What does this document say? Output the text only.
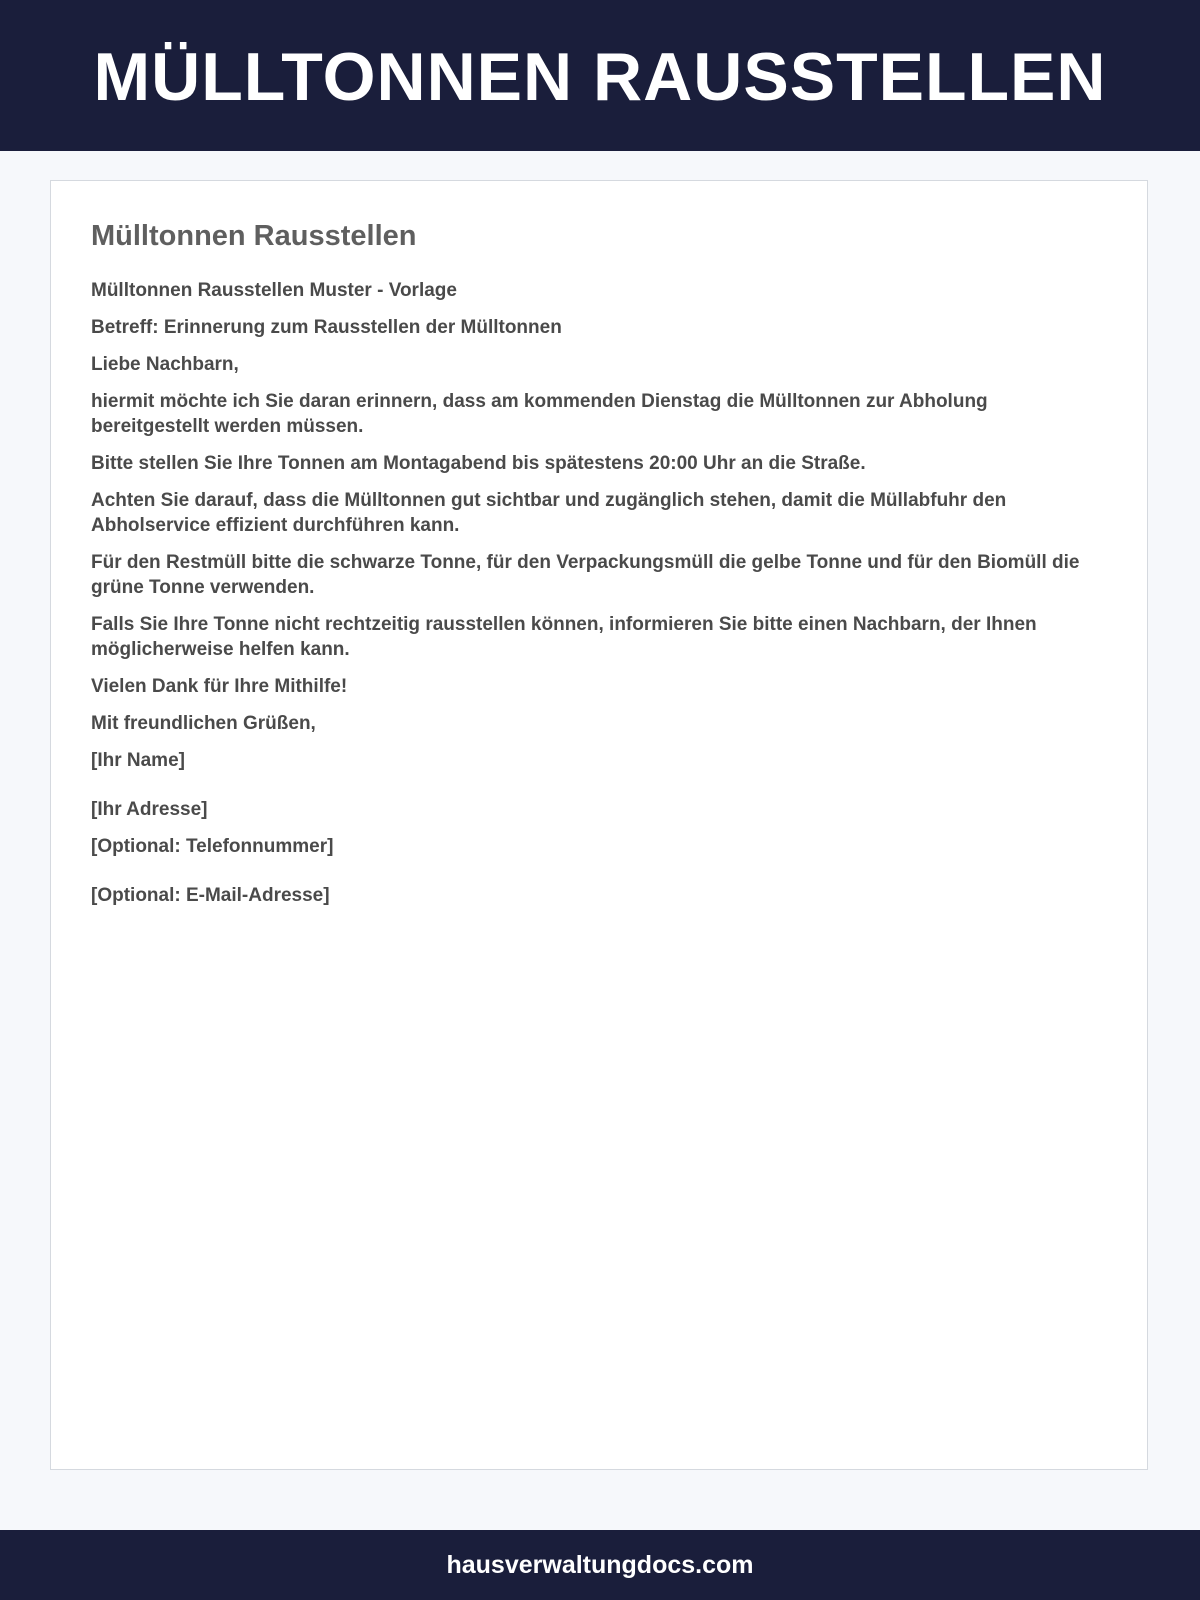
MÜLLTONNEN RAUSSTELLEN
Mülltonnen Rausstellen

Mülltonnen Rausstellen Muster - Vorlage

Betreff: Erinnerung zum Rausstellen der Mülltonnen

Liebe Nachbarn,

hiermit möchte ich Sie daran erinnern, dass am kommenden Dienstag die Mülltonnen zur Abholung bereitgestellt werden müssen.

Bitte stellen Sie Ihre Tonnen am Montagabend bis spätestens 20:00 Uhr an die Straße.

Achten Sie darauf, dass die Mülltonnen gut sichtbar und zugänglich stehen, damit die Müllabfuhr den Abholservice effizient durchführen kann.

Für den Restmüll bitte die schwarze Tonne, für den Verpackungsmüll die gelbe Tonne und für den Biomüll die grüne Tonne verwenden.

Falls Sie Ihre Tonne nicht rechtzeitig rausstellen können, informieren Sie bitte einen Nachbarn, der Ihnen möglicherweise helfen kann.

Vielen Dank für Ihre Mithilfe!

Mit freundlichen Grüßen,

[Ihr Name]

[Ihr Adresse]

[Optional: Telefonnummer]

[Optional: E-Mail-Adresse]

hausverwaltungdocs.com
